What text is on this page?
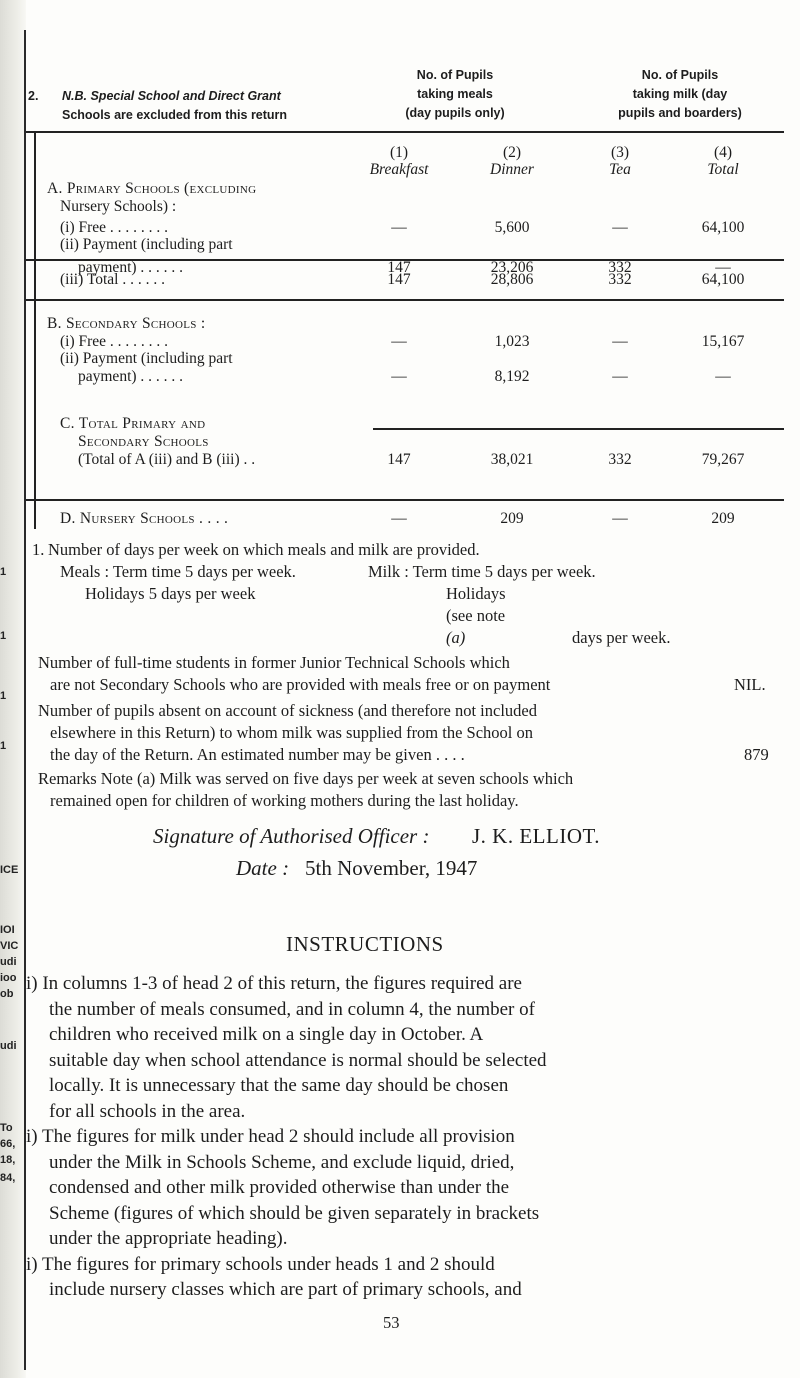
1
1
1
1
ICE
IOI
VIC
udi
ioo
ob
udi
To
66,
18,
84,
2. N.B. Special School and Direct Grant
Schools are excluded from this return
No. of Pupils
taking meals
(day pupils only)
No. of Pupils
taking milk (day
pupils and boarders)
(1)
Breakfast
(2)
Dinner
(3)
Tea
(4)
Total
A. Primary Schools (excluding
Nursery Schools) :
(i) Free . . . . . . . .	—	5,600	—	64,100
(ii) Payment (including part
payment) . . . . . .	147	23,206	332	—
(iii) Total . . . . . .	147	28,806	332	64,100
B. Secondary Schools :
(i) Free . . . . . . . .	—	1,023	—	15,167
(ii) Payment (including part
payment) . . . . . .	—	8,192	—	—
C. Total Primary and
Secondary Schools
(Total of A (iii) and B (iii) . .	147	38,021	332	79,267
D. Nursery Schools . . . .	—	209	—	209
1. Number of days per week on which meals and milk are provided.
Meals : Term time 5 days per week.	Milk : Term time 5 days per week.
Holidays 5 days per week	Holidays
(see note
(a)	days per week.
Number of full-time students in former Junior Technical Schools which
are not Secondary Schools who are provided with meals free or on payment	NIL.
Number of pupils absent on account of sickness (and therefore not included
elsewhere in this Return) to whom milk was supplied from the School on
the day of the Return. An estimated number may be given . . . .	879
Remarks Note (a) Milk was served on five days per week at seven schools which
remained open for children of working mothers during the last holiday.
Signature of Authorised Officer : J. K. ELLIOT.
Date : 5th November, 1947
INSTRUCTIONS
i) In columns 1-3 of head 2 of this return, the figures required are
the number of meals consumed, and in column 4, the number of
children who received milk on a single day in October. A
suitable day when school attendance is normal should be selected
locally. It is unnecessary that the same day should be chosen
for all schools in the area.
i) The figures for milk under head 2 should include all provision
under the Milk in Schools Scheme, and exclude liquid, dried,
condensed and other milk provided otherwise than under the
Scheme (figures of which should be given separately in brackets
under the appropriate heading).
i) The figures for primary schools under heads 1 and 2 should
include nursery classes which are part of primary schools, and
53
